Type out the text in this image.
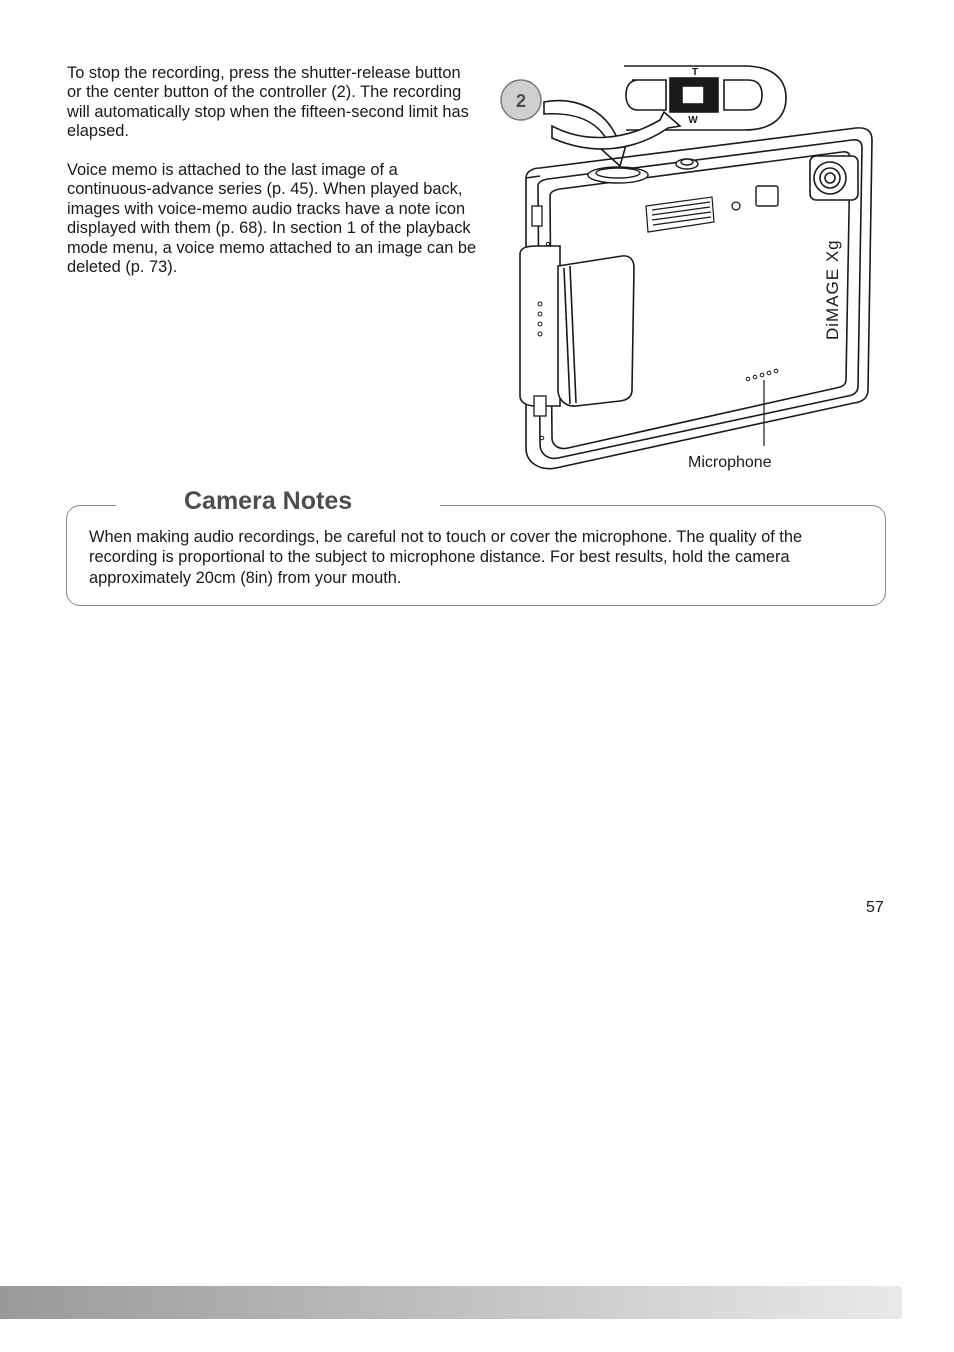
To stop the recording, press the shutter-release button or the center button of the controller (2). The recording will automatically stop when the fifteen-second limit has elapsed.

Voice memo is attached to the last image of a continuous-advance series (p. 45). When played back, images with voice-memo audio tracks have a note icon displayed with them (p. 68). In section 1 of the playback mode menu, a voice memo attached to an image can be deleted (p. 73).

T
W
2
DiMAGE Xg
Microphone
Camera Notes

When making audio recordings, be careful not to touch or cover the microphone. The quality of the recording is proportional to the subject to microphone distance. For best results, hold the camera approximately 20cm (8in) from your mouth.

57
